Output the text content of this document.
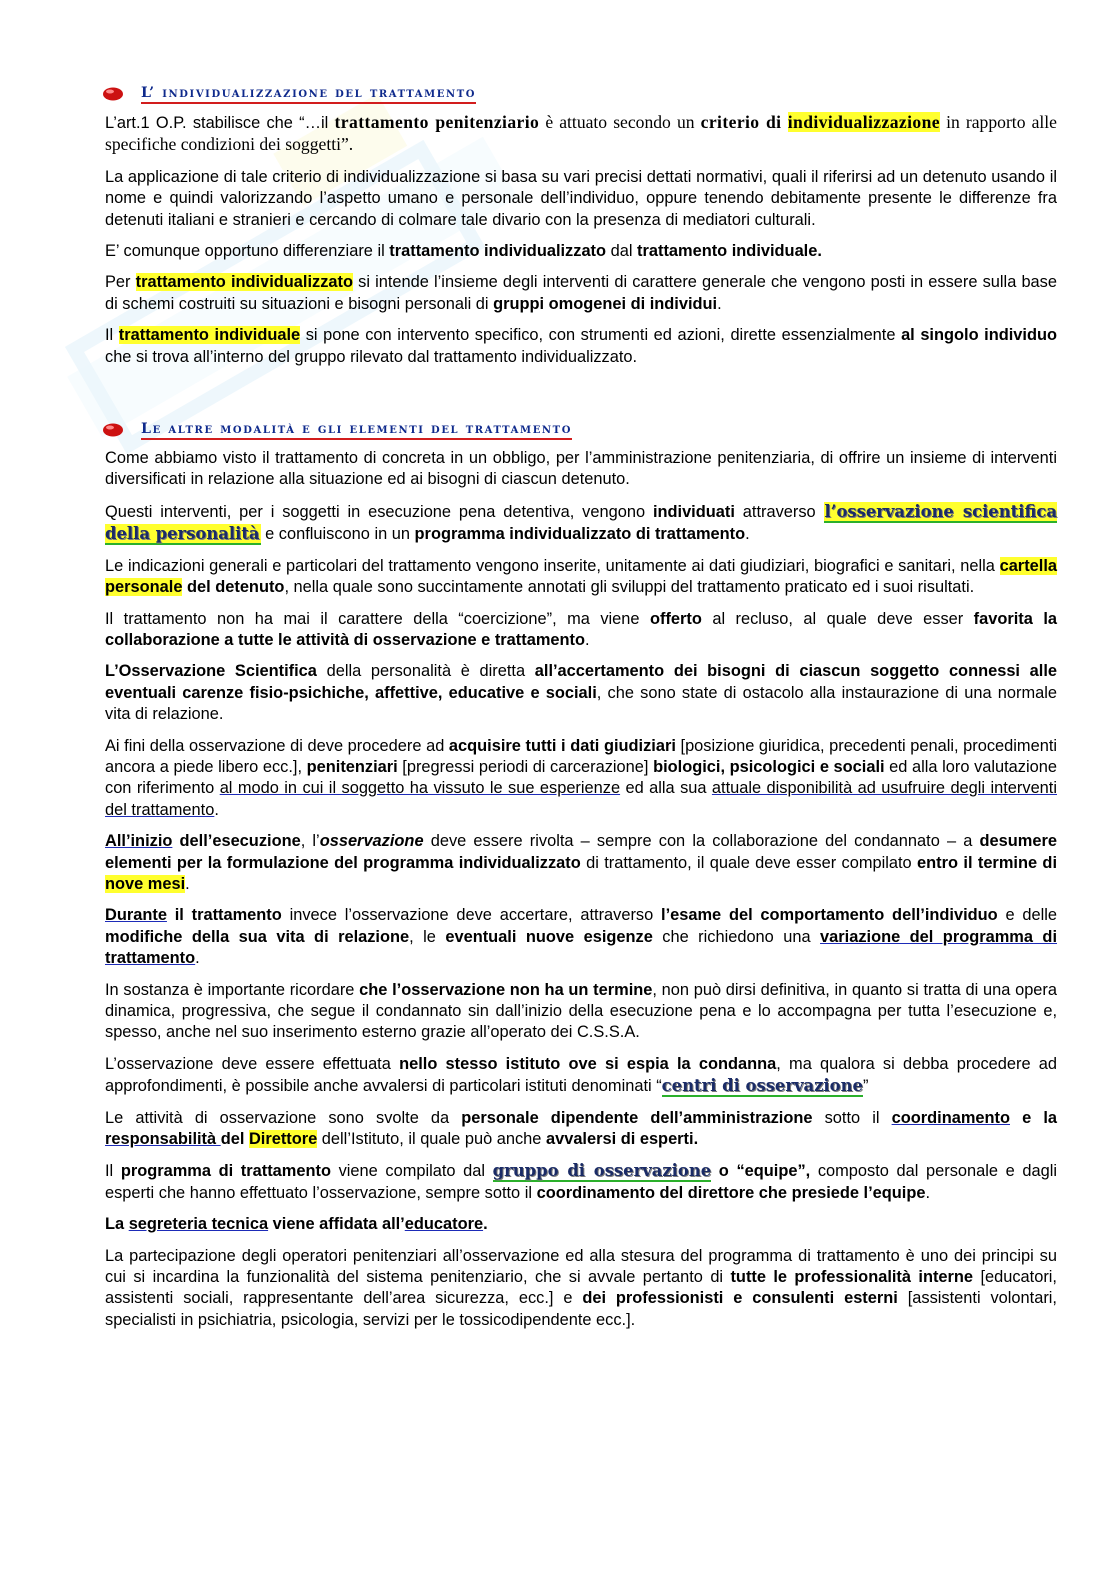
L’ individualizzazione del trattamento

L’art.1 O.P. stabilisce che “…il trattamento penitenziario è attuato secondo un criterio di individualizzazione in rapporto alle specifiche condizioni dei soggetti”.

La applicazione di tale criterio di individualizzazione si basa su vari precisi dettati normativi, quali il riferirsi ad un detenuto usando il nome e quindi valorizzando l’aspetto umano e personale dell’individuo, oppure tenendo debitamente presente le differenze fra detenuti italiani e stranieri e cercando di colmare tale divario con la presenza di mediatori culturali.

E’ comunque opportuno differenziare il trattamento individualizzato dal trattamento individuale.

Per trattamento individualizzato si intende l’insieme degli interventi di carattere generale che vengono posti in essere sulla base di schemi costruiti su situazioni e bisogni personali di gruppi omogenei di individui.

Il trattamento individuale si pone con intervento specifico, con strumenti ed azioni, dirette essenzialmente al singolo individuo che si trova all’interno del gruppo rilevato dal trattamento individualizzato.

Le altre modalità e gli elementi del trattamento

Come abbiamo visto il trattamento di concreta in un obbligo, per l’amministrazione penitenziaria, di offrire un insieme di interventi diversificati in relazione alla situazione ed ai bisogni di ciascun detenuto.

Questi interventi, per i soggetti in esecuzione pena detentiva, vengono individuati attraverso l’osservazione scientifica della personalità e confluiscono in un programma individualizzato di trattamento.

Le indicazioni generali e particolari del trattamento vengono inserite, unitamente ai dati giudiziari, biografici e sanitari, nella cartella personale del detenuto, nella quale sono succintamente annotati gli sviluppi del trattamento praticato ed i suoi risultati.

Il trattamento non ha mai il carattere della “coercizione”, ma viene offerto al recluso, al quale deve esser favorita la collaborazione a tutte le attività di osservazione e trattamento.

L’Osservazione Scientifica della personalità è diretta all’accertamento dei bisogni di ciascun soggetto connessi alle eventuali carenze fisio-psichiche, affettive, educative e sociali, che sono state di ostacolo alla instaurazione di una normale vita di relazione.

Ai fini della osservazione di deve procedere ad acquisire tutti i dati giudiziari [posizione giuridica, precedenti penali, procedimenti ancora a piede libero ecc.], penitenziari [pregressi periodi di carcerazione] biologici, psicologici e sociali ed alla loro valutazione con riferimento al modo in cui il soggetto ha vissuto le sue esperienze ed alla sua attuale disponibilità ad usufruire degli interventi del trattamento.

All’inizio dell’esecuzione, l’osservazione deve essere rivolta – sempre con la collaborazione del condannato – a desumere elementi per la formulazione del programma individualizzato di trattamento, il quale deve esser compilato entro il termine di nove mesi.

Durante il trattamento invece l’osservazione deve accertare, attraverso l’esame del comportamento dell’individuo e delle modifiche della sua vita di relazione, le eventuali nuove esigenze che richiedono una variazione del programma di trattamento.

In sostanza è importante ricordare che l’osservazione non ha un termine, non può dirsi definitiva, in quanto si tratta di una opera dinamica, progressiva, che segue il condannato sin dall’inizio della esecuzione pena e lo accompagna per tutta l’esecuzione e, spesso, anche nel suo inserimento esterno grazie all’operato dei C.S.S.A.

L’osservazione deve essere effettuata nello stesso istituto ove si espia la condanna, ma qualora si debba procedere ad approfondimenti, è possibile anche avvalersi di particolari istituti denominati “centri di osservazione”

Le attività di osservazione sono svolte da personale dipendente dell’amministrazione sotto il coordinamento e la responsabilità del Direttore dell’Istituto, il quale può anche avvalersi di esperti.

Il programma di trattamento viene compilato dal gruppo di osservazione o “equipe”, composto dal personale e dagli esperti che hanno effettuato l’osservazione, sempre sotto il coordinamento del direttore che presiede l’equipe.

La segreteria tecnica viene affidata all’educatore.

La partecipazione degli operatori penitenziari all’osservazione ed alla stesura del programma di trattamento è uno dei principi su cui si incardina la funzionalità del sistema penitenziario, che si avvale pertanto di tutte le professionalità interne [educatori, assistenti sociali, rappresentante dell’area sicurezza, ecc.] e dei professionisti e consulenti esterni [assistenti volontari, specialisti in psichiatria, psicologia, servizi per le tossicodipendente ecc.].
